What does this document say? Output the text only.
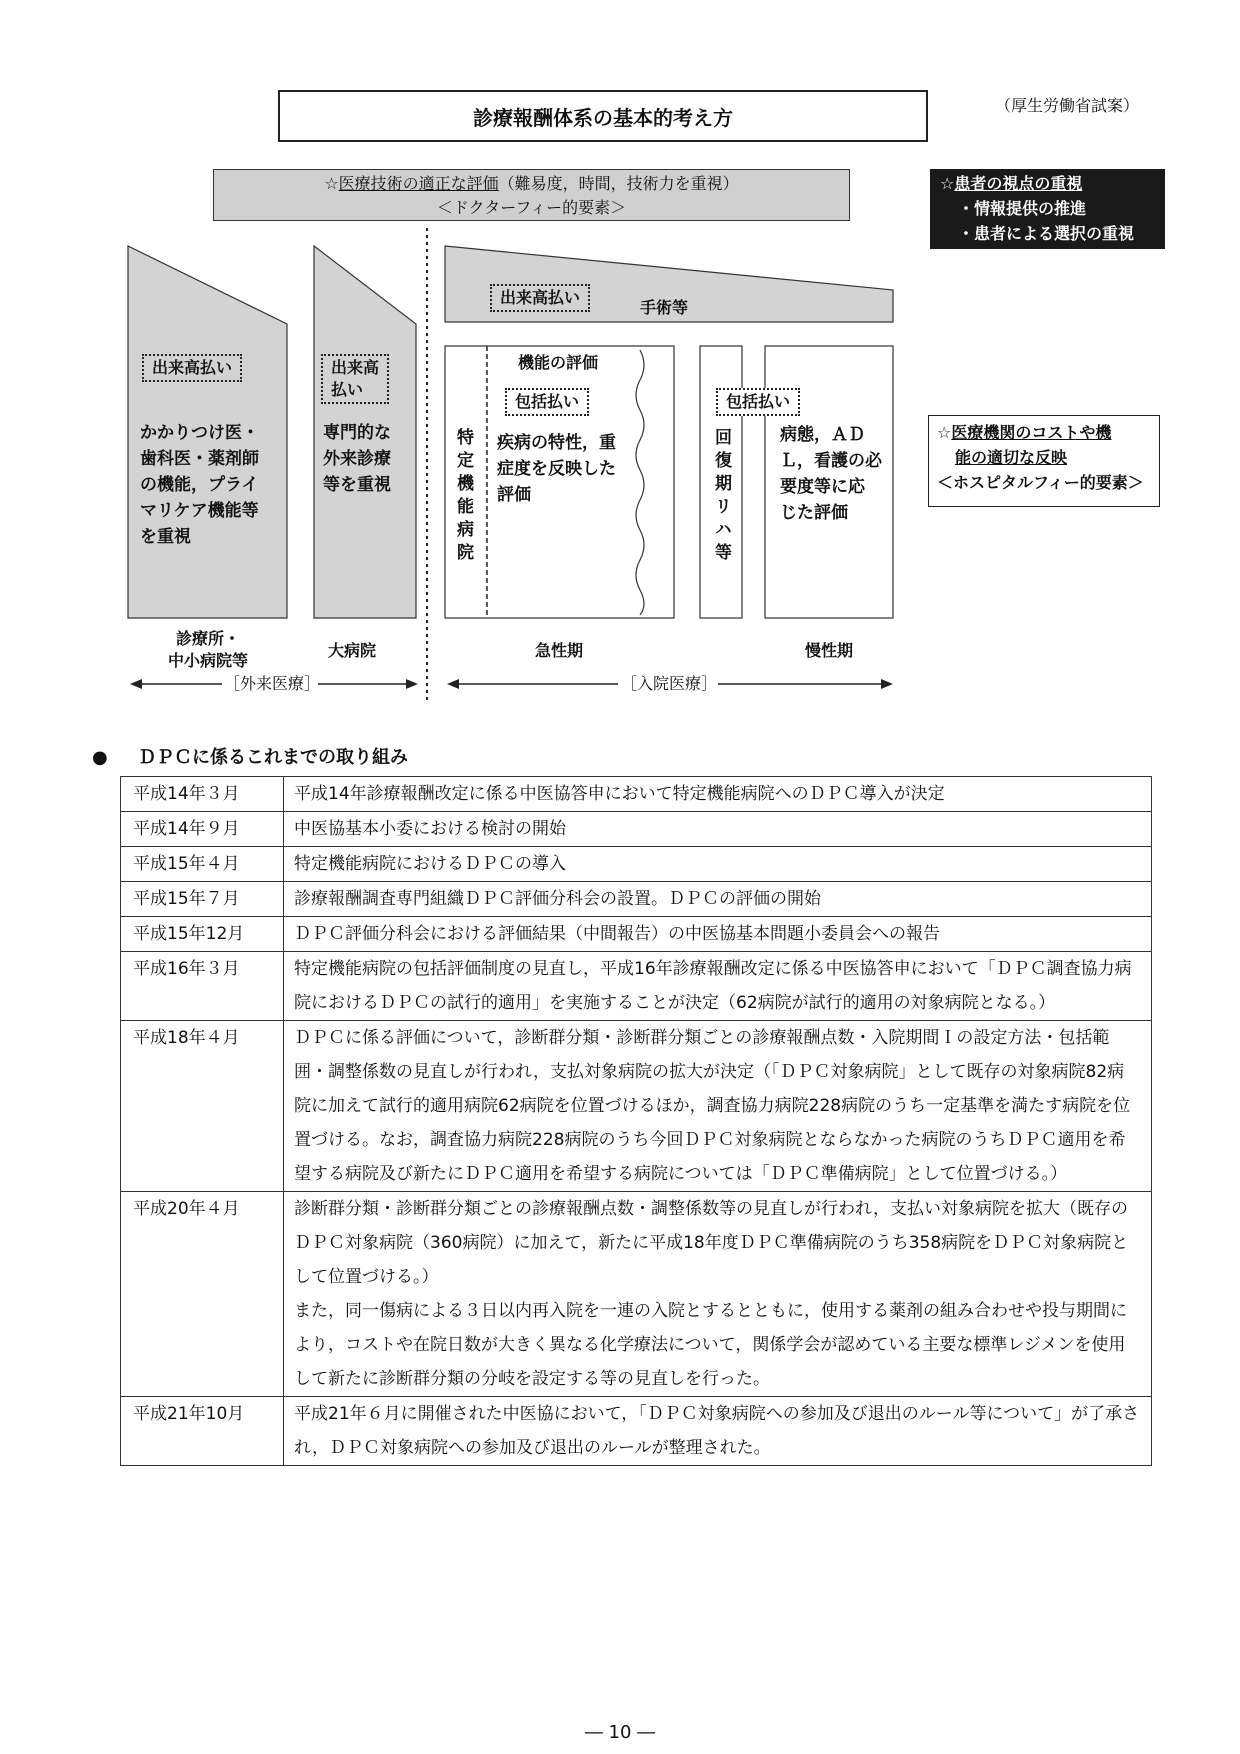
診療報酬体系の基本的考え方	（厚生労働省試案）
☆医療技術の適正な評価（難易度，時間，技術力を重視）
＜ドクターフィー的要素＞
☆患者の視点の重視
・情報提供の推進
・患者による選択の重視
出来高払い
かかりつけ医・
歯科医・薬剤師
の機能，プライ
マリケア機能等
を重視
出来高
払い
専門的な
外来診療
等を重視
出来高払い
手術等
機能の評価
特定機能病院
包括払い
疾病の特性，重
症度を反映した
評価	回復期リハ等
包括払い
病態，ＡＤ
Ｌ，看護の必
要度等に応
じた評価
☆医療機関のコストや機
能の適切な反映
＜ホスピタルフィー的要素＞
診療所・
中小病院等
大病院	急性期	慢性期
［外来医療］	［入院医療］
● ＤＰＣに係るこれまでの取り組み
平成14年３月	平成14年診療報酬改定に係る中医協答申において特定機能病院へのＤＰＣ導入が決定
平成14年９月	中医協基本小委における検討の開始
平成15年４月	特定機能病院におけるＤＰＣの導入
平成15年７月	診療報酬調査専門組織ＤＰＣ評価分科会の設置。ＤＰＣの評価の開始
平成15年12月	ＤＰＣ評価分科会における評価結果（中間報告）の中医協基本問題小委員会への報告
平成16年３月	特定機能病院の包括評価制度の見直し，平成16年診療報酬改定に係る中医協答申において「ＤＰＣ調査協力病院におけるＤＰＣの試行的適用」を実施することが決定（62病院が試行的適用の対象病院となる。）
平成18年４月	ＤＰＣに係る評価について，診断群分類・診断群分類ごとの診療報酬点数・入院期間Ｉの設定方法・包括範囲・調整係数の見直しが行われ，支払対象病院の拡大が決定（「ＤＰＣ対象病院」として既存の対象病院82病院に加えて試行的適用病院62病院を位置づけるほか，調査協力病院228病院のうち一定基準を満たす病院を位置づける。なお，調査協力病院228病院のうち今回ＤＰＣ対象病院とならなかった病院のうちＤＰＣ適用を希望する病院及び新たにＤＰＣ適用を希望する病院については「ＤＰＣ準備病院」として位置づける。）
平成20年４月	診断群分類・診断群分類ごとの診療報酬点数・調整係数等の見直しが行われ，支払い対象病院を拡大（既存のＤＰＣ対象病院（360病院）に加えて，新たに平成18年度ＤＰＣ準備病院のうち358病院をＤＰＣ対象病院として位置づける。）
また，同一傷病による３日以内再入院を一連の入院とするとともに，使用する薬剤の組み合わせや投与期間により，コストや在院日数が大きく異なる化学療法について，関係学会が認めている主要な標準レジメンを使用して新たに診断群分類の分岐を設定する等の見直しを行った。

平成21年10月	平成21年６月に開催された中医協において，「ＤＰＣ対象病院への参加及び退出のルール等について」が了承され，ＤＰＣ対象病院への参加及び退出のルールが整理された。
― 10 ―
